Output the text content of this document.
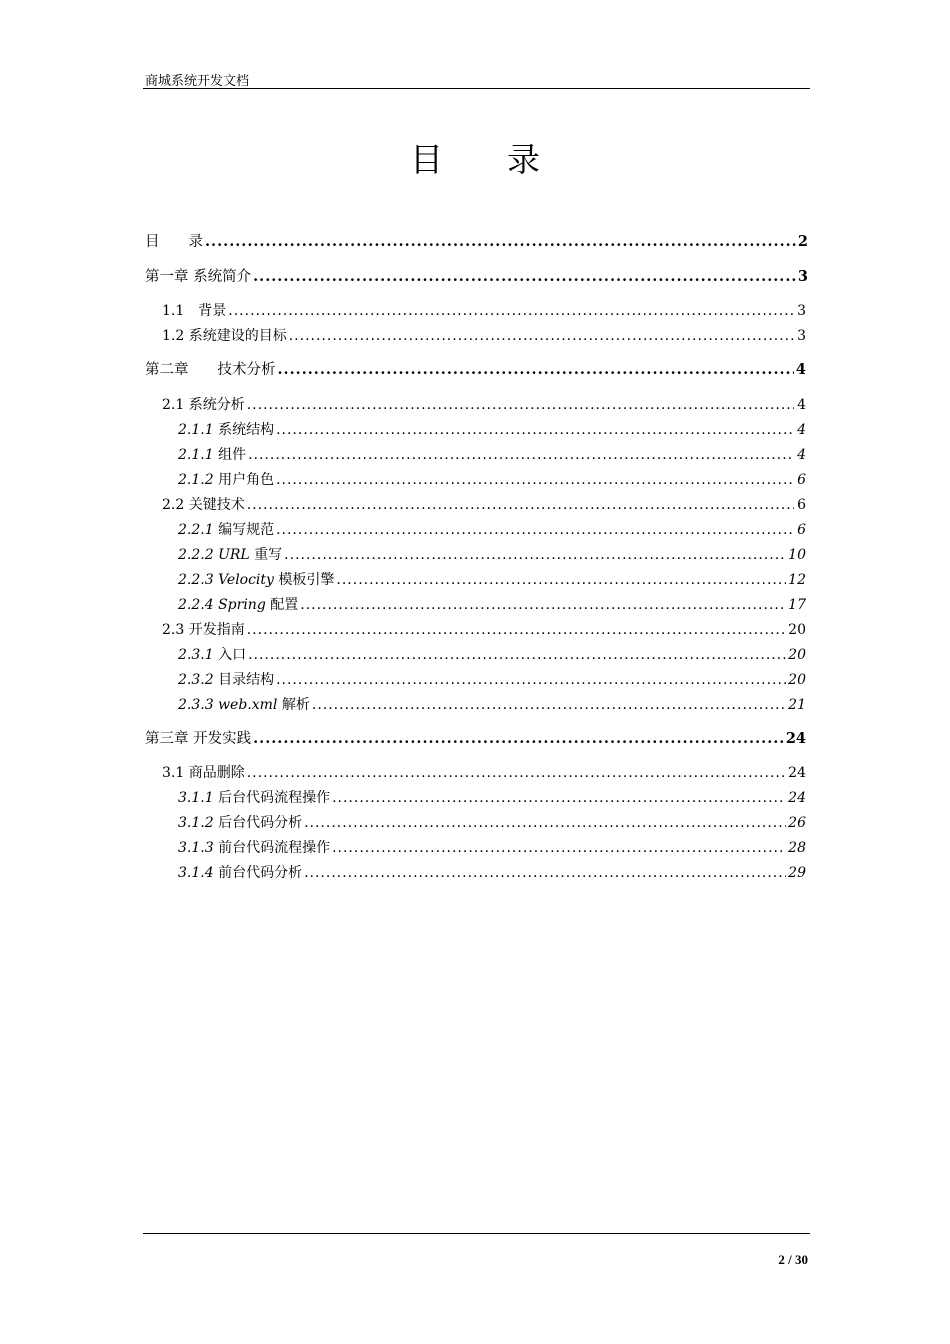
商城系统开发文档
目录
目　　录 .....	2
第一章 系统简介 .....	3
1.1　背景 .....	3
1.2 系统建设的目标 .....	3
第二章　　技术分析 .....	4
2.1 系统分析 .....	4
2.1.1 系统结构 .....	4
2.1.1 组件 .....	4
2.1.2 用户角色 .....	6
2.2 关键技术 .....	6
2.2.1 编写规范 .....	6
2.2.2 URL 重写 .....	10
2.2.3 Velocity 模板引擎 .....	12
2.2.4 Spring 配置 .....	17
2.3 开发指南 .....	20
2.3.1 入口 .....	20
2.3.2 目录结构 .....	20
2.3.3 web.xml 解析 .....	21
第三章 开发实践 .....	24
3.1 商品删除 .....	24
3.1.1 后台代码流程操作 .....	24
3.1.2 后台代码分析 .....	26
3.1.3 前台代码流程操作 .....	28
3.1.4 前台代码分析 .....	29
2 / 30
